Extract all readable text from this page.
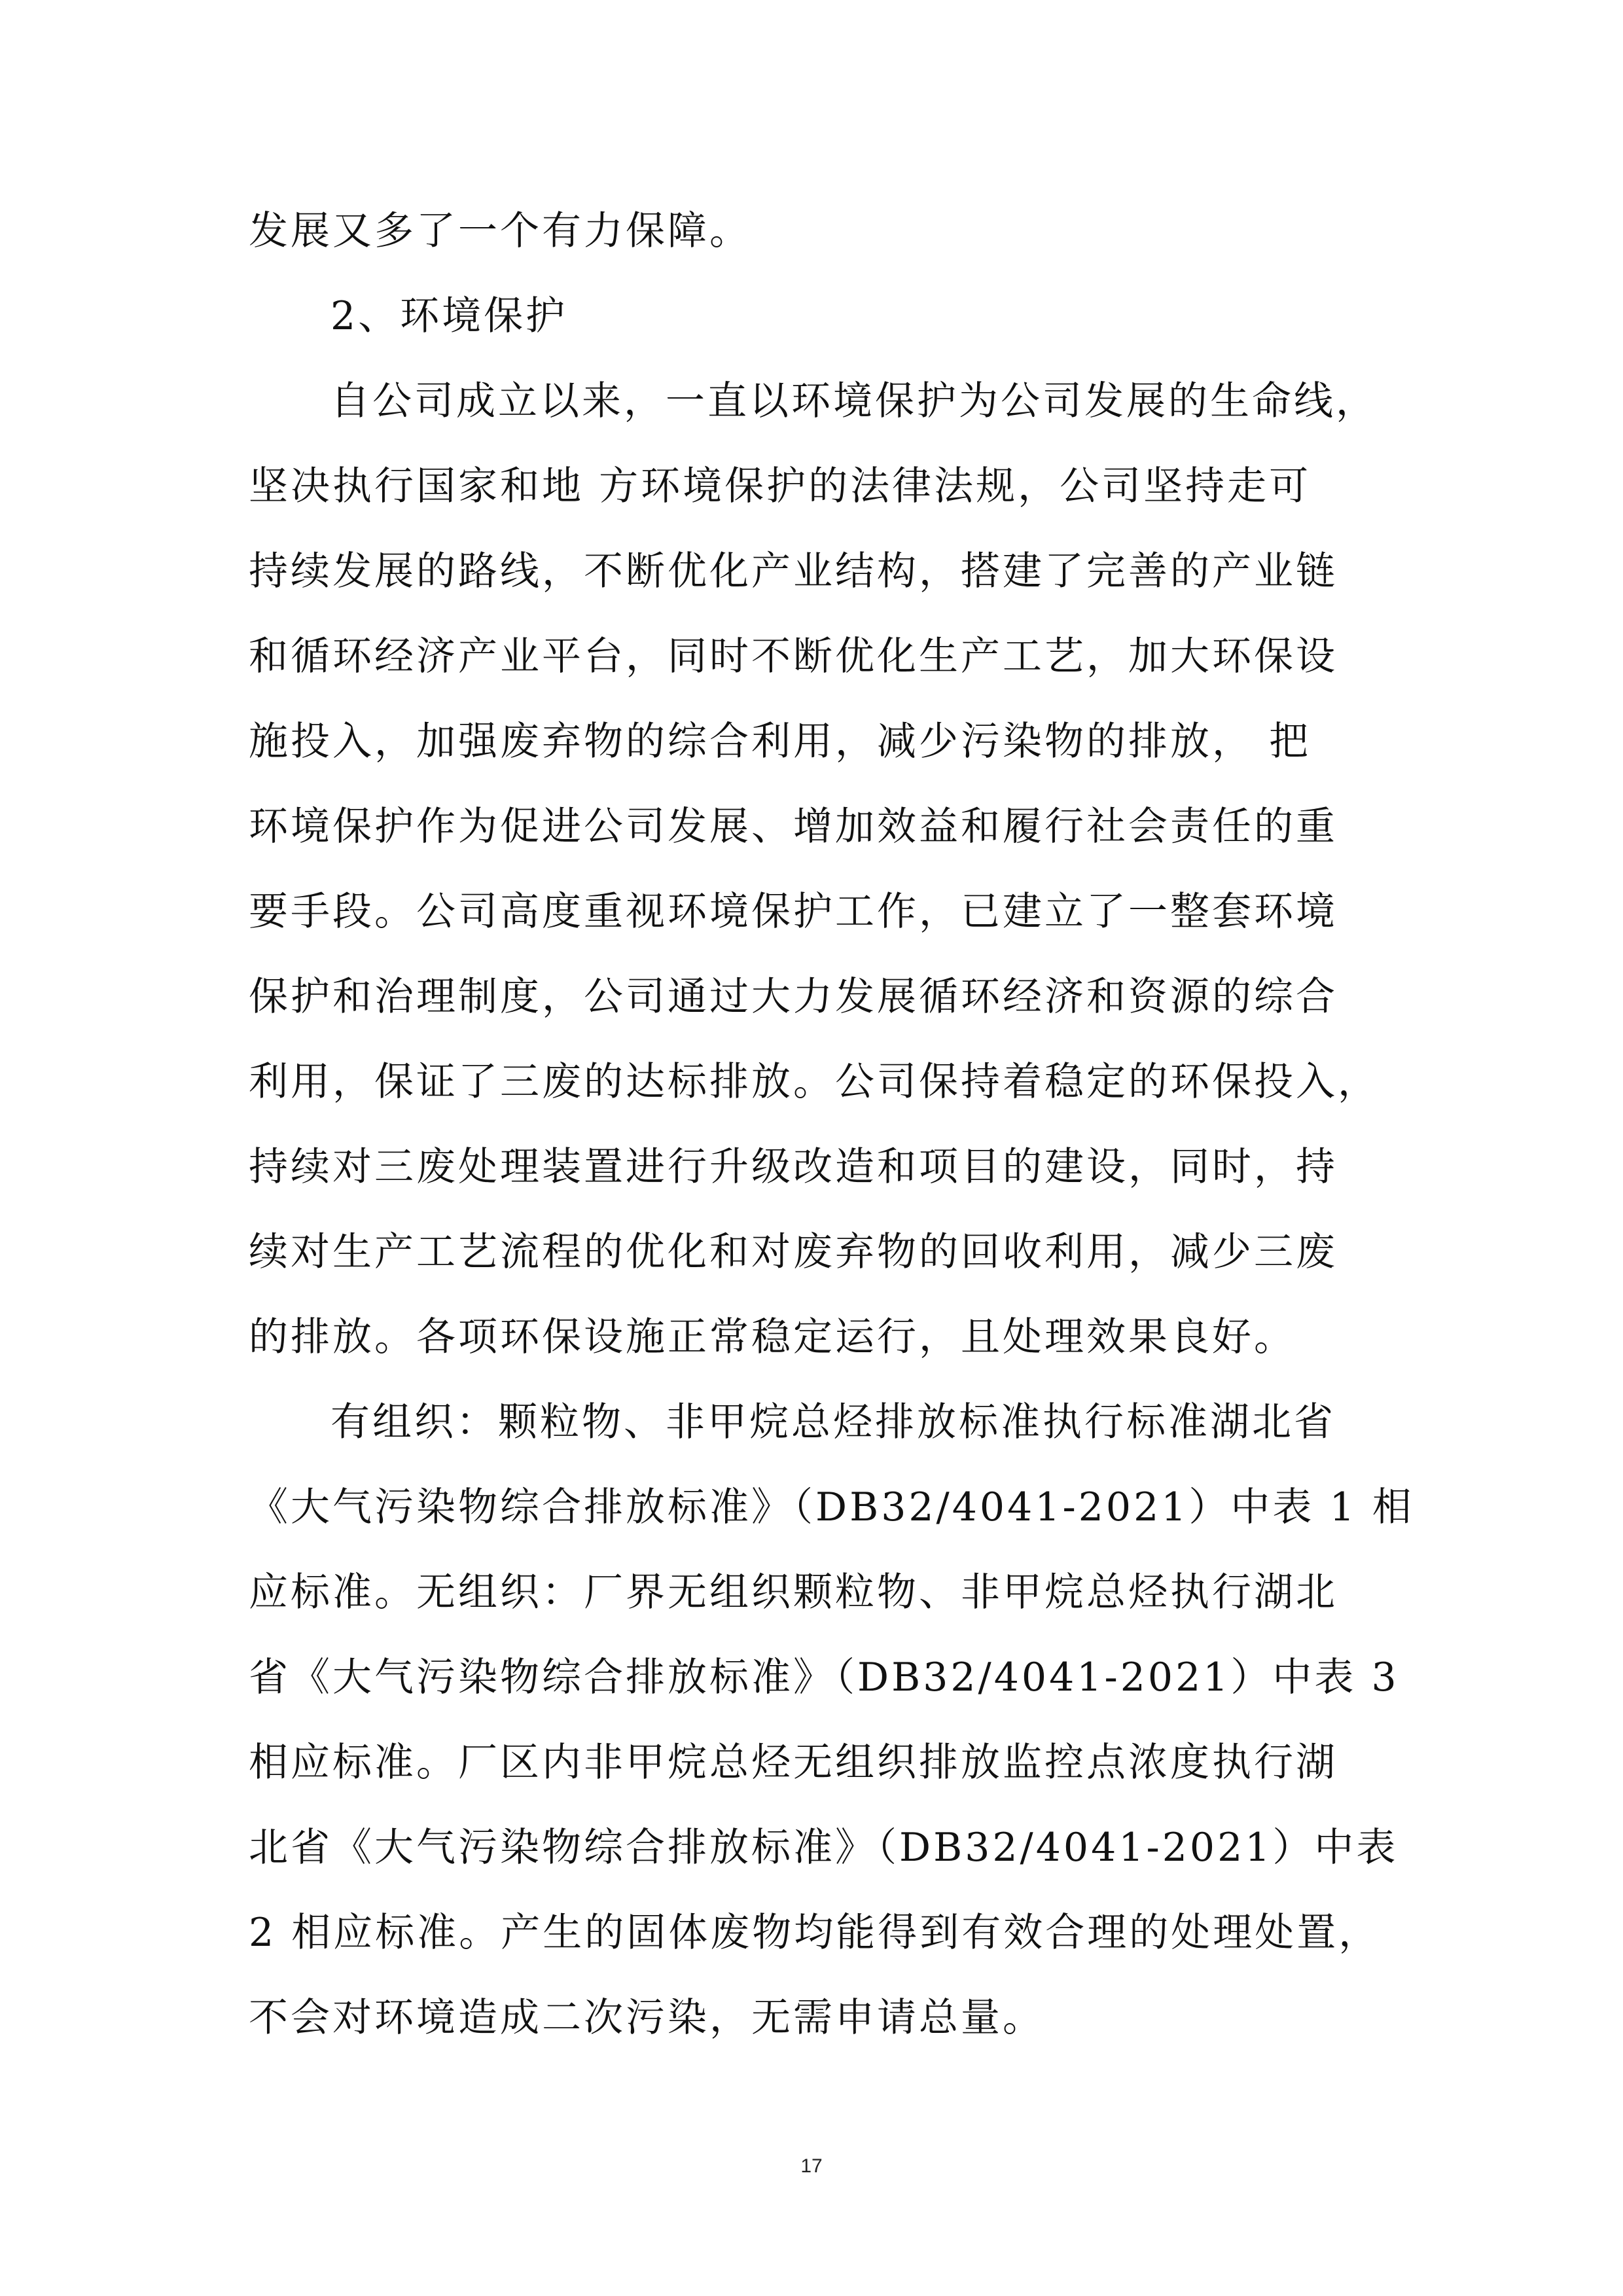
发展又多了一个有力保障。
2、环境保护
自公司成立以来，一直以环境保护为公司发展的生命线，
坚决执行国家和地 方环境保护的法律法规，公司坚持走可
持续发展的路线，不断优化产业结构，搭建了完善的产业链
和循环经济产业平台，同时不断优化生产工艺，加大环保设
施投入，加强废弃物的综合利用，减少污染物的排放， 把
环境保护作为促进公司发展、增加效益和履行社会责任的重
要手段。公司高度重视环境保护工作，已建立了一整套环境
保护和治理制度，公司通过大力发展循环经济和资源的综合
利用，保证了三废的达标排放。公司保持着稳定的环保投入，
持续对三废处理装置进行升级改造和项目的建设，同时，持
续对生产工艺流程的优化和对废弃物的回收利用，减少三废
的排放。各项环保设施正常稳定运行，且处理效果良好。
有组织：颗粒物、非甲烷总烃排放标准执行标准湖北省
《大气污染物综合排放标准》（DB32/4041-2021）中表 1 相
应标准。无组织：厂界无组织颗粒物、非甲烷总烃执行湖北
省《大气污染物综合排放标准》（DB32/4041-2021）中表 3
相应标准。厂区内非甲烷总烃无组织排放监控点浓度执行湖
北省《大气污染物综合排放标准》（DB32/4041-2021）中表
2 相应标准。产生的固体废物均能得到有效合理的处理处置，
不会对环境造成二次污染，无需申请总量。
17
